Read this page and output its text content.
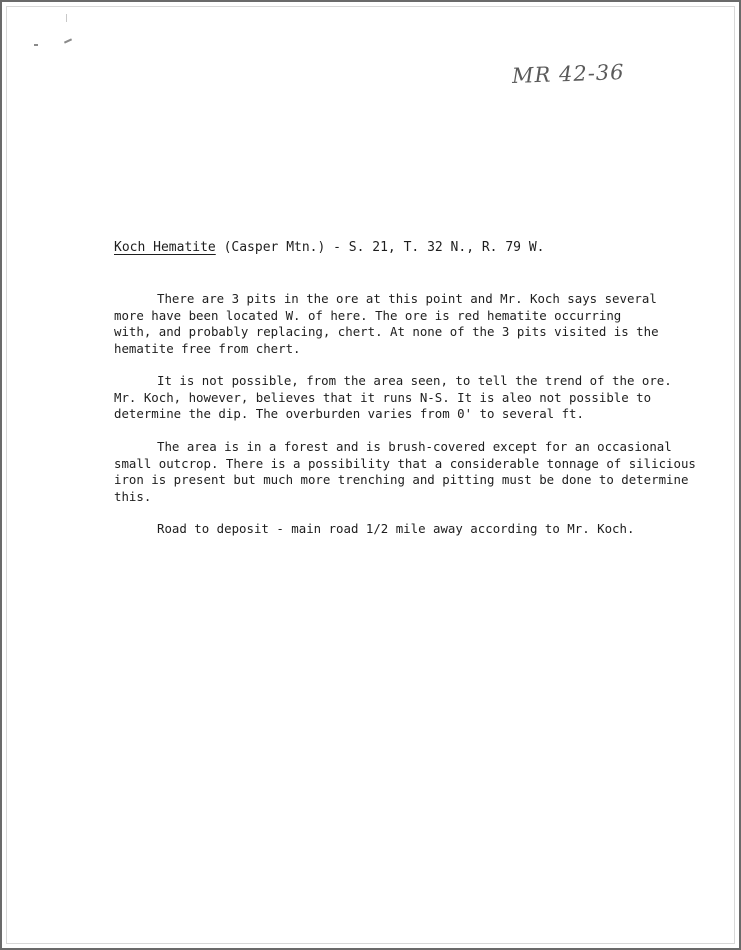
MR 42-36
Koch Hematite (Casper Mtn.) - S. 21, T. 32 N., R. 79 W.
There are 3 pits in the ore at this point and Mr. Koch says several
more have been located W. of here. The ore is red hematite occurring
with, and probably replacing, chert. At none of the 3 pits visited is the
hematite free from chert.
It is not possible, from the area seen, to tell the trend of the ore.
Mr. Koch, however, believes that it runs N-S. It is aleo not possible to
determine the dip. The overburden varies from 0' to several ft.
The area is in a forest and is brush-covered except for an occasional
small outcrop. There is a possibility that a considerable tonnage of silicious
iron is present but much more trenching and pitting must be done to determine
this.
Road to deposit - main road 1/2 mile away according to Mr. Koch.
